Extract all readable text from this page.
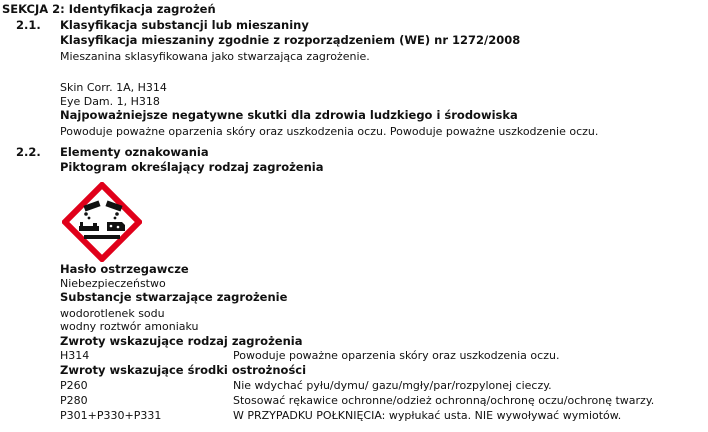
SEKCJA 2: Identyfikacja zagrożeń
2.1. Klasyfikacja substancji lub mieszaniny
Klasyfikacja mieszaniny zgodnie z rozporządzeniem (WE) nr 1272/2008
Mieszanina sklasyfikowana jako stwarzająca zagrożenie.
Skin Corr. 1A, H314
Eye Dam. 1, H318
Najpoważniejsze negatywne skutki dla zdrowia ludzkiego i środowiska
Powoduje poważne oparzenia skóry oraz uszkodzenia oczu. Powoduje poważne uszkodzenie oczu.
2.2. Elementy oznakowania
Piktogram określający rodzaj zagrożenia
Hasło ostrzegawcze
Niebezpieczeństwo
Substancje stwarzające zagrożenie
wodorotlenek sodu
wodny roztwór amoniaku
Zwroty wskazujące rodzaj zagrożenia
H314	Powoduje poważne oparzenia skóry oraz uszkodzenia oczu.
Zwroty wskazujące środki ostrożności
P260	Nie wdychać pyłu/dymu/ gazu/mgły/par/rozpylonej cieczy.
P280	Stosować rękawice ochronne/odzież ochronną/ochronę oczu/ochronę twarzy.
P301+P330+P331	W PRZYPADKU POŁKNIĘCIA: wypłukać usta. NIE wywoływać wymiotów.
